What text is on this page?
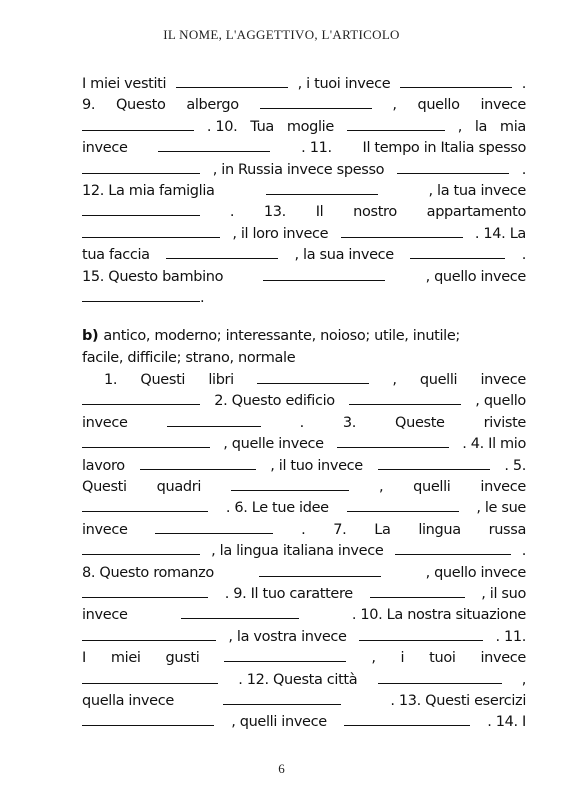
IL NOME, L'AGGETTIVO, L'ARTICOLO
I miei vestiti	, i tuoi invece	.
9. Questo albergo	, quello invece
. 10. Tua moglie	, la mia
invece	. 11. Il tempo in Italia spesso
, in Russia invece spesso	.
12. La mia famiglia	, la tua invece
. 13. Il nostro appartamento
, il loro invece	. 14. La
tua faccia	, la sua invece	.
15. Questo bambino	, quello invece
.
b) antico, moderno; interessante, noioso; utile, inutile;
facile, difficile; strano, normale
1. Questi libri	, quelli invece
2. Questo edificio	, quello
invece	.	3.	Queste	riviste
, quelle invece	. 4. Il mio
lavoro	, il tuo invece	. 5.
Questi quadri	, quelli invece
. 6. Le tue idee	, le sue
invece	. 7. La lingua russa
, la lingua italiana invece	.
8. Questo romanzo	, quello invece
. 9. Il tuo carattere	, il suo
invece	. 10. La nostra situazione
, la vostra invece	. 11.
I miei gusti	, i tuoi invece
. 12. Questa città	,
quella invece	. 13. Questi esercizi
, quelli invece	. 14. I
6
